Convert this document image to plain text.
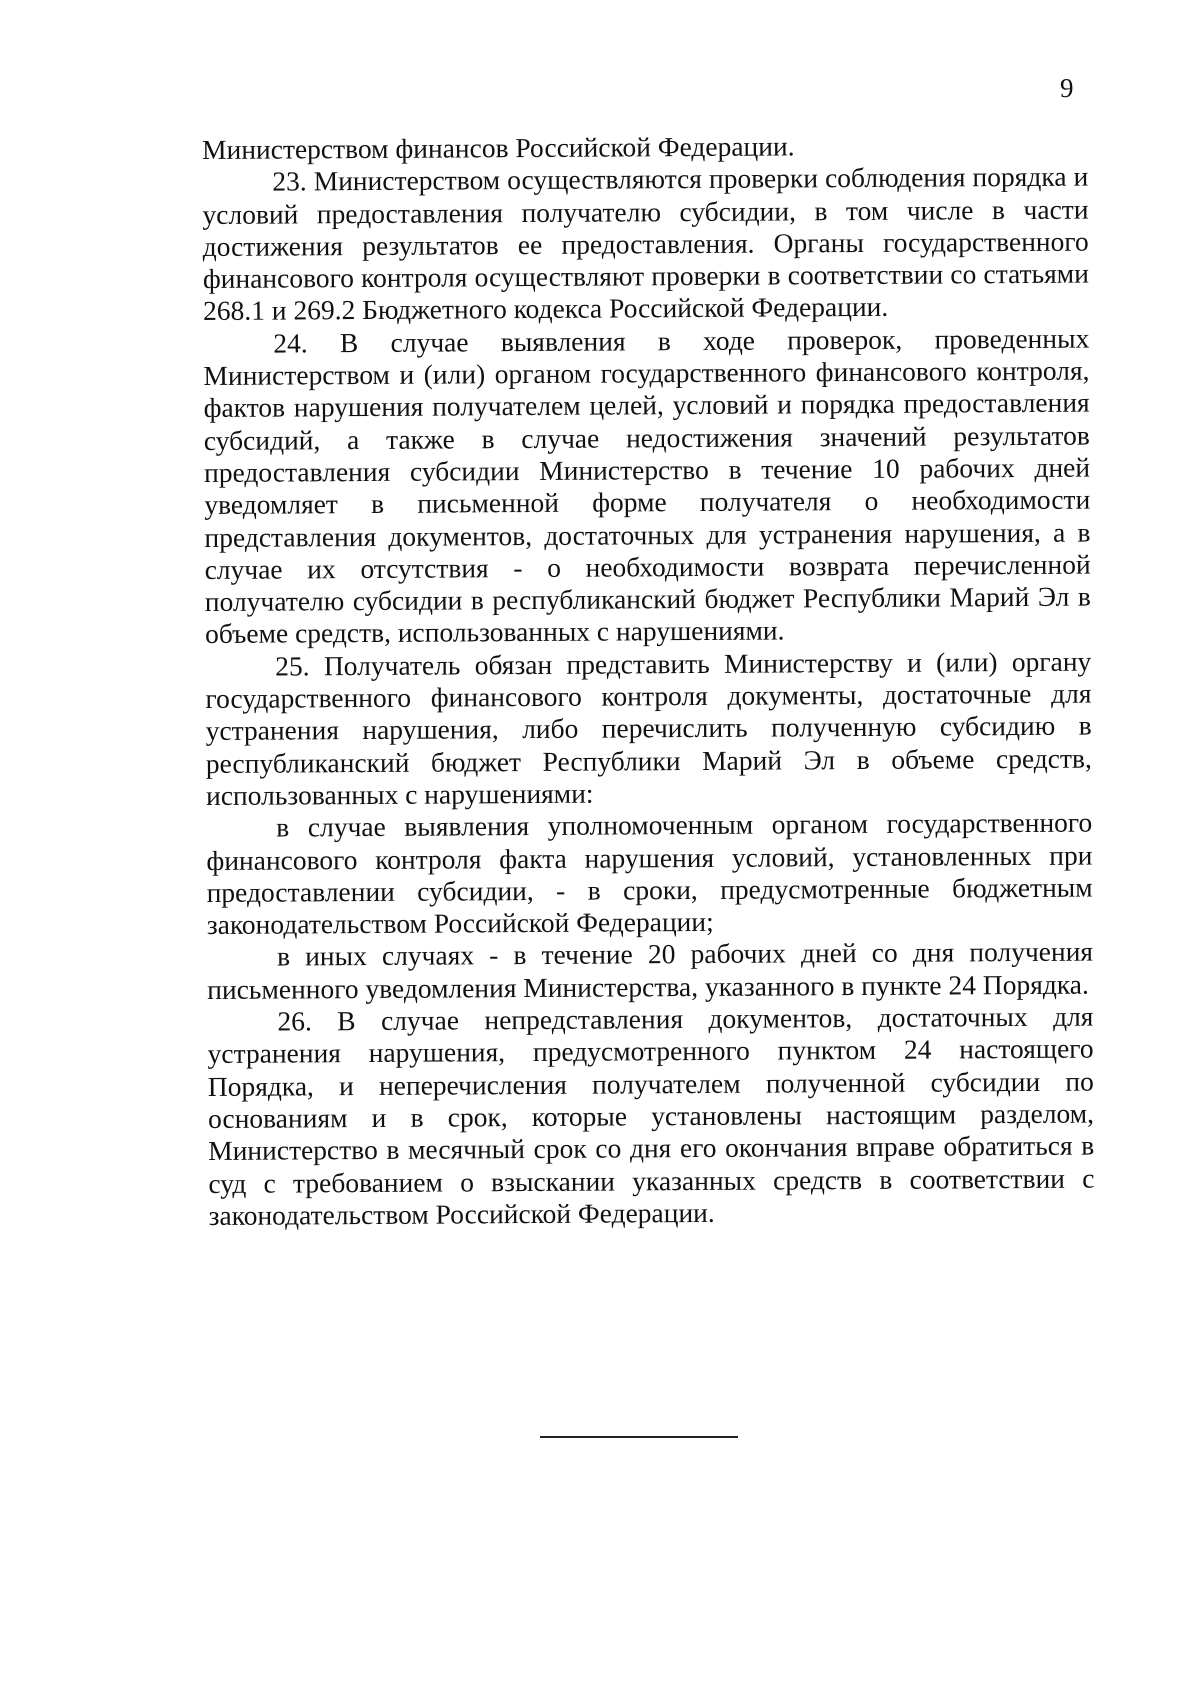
9

Министерством финансов Российской Федерации.

23. Министерством осуществляются проверки соблюдения порядка и условий предоставления получателю субсидии, в том числе в части достижения результатов ее предоставления. Органы государственного финансового контроля осуществляют проверки в соответствии со статьями 268.1 и 269.2 Бюджетного кодекса Российской Федерации.

24. В случае выявления в ходе проверок, проведенных Министерством и (или) органом государственного финансового контроля, фактов нарушения получателем целей, условий и порядка предоставления субсидий, а также в случае недостижения значений результатов предоставления субсидии Министерство в течение 10 рабочих дней уведомляет в письменной форме получателя о необходимости представления документов, достаточных для устранения нарушения, а в случае их отсутствия - о необходимости возврата перечисленной получателю субсидии в республиканский бюджет Республики Марий Эл в объеме средств, использованных с нарушениями.

25. Получатель обязан представить Министерству и (или) органу государственного финансового контроля документы, достаточные для устранения нарушения, либо перечислить полученную субсидию в республиканский бюджет Республики Марий Эл в объеме средств, использованных с нарушениями:

в случае выявления уполномоченным органом государственного финансового контроля факта нарушения условий, установленных при предоставлении субсидии, - в сроки, предусмотренные бюджетным законодательством Российской Федерации;

в иных случаях - в течение 20 рабочих дней со дня получения письменного уведомления Министерства, указанного в пункте 24 Порядка.

26. В случае непредставления документов, достаточных для устранения нарушения, предусмотренного пунктом 24 настоящего Порядка, и неперечисления получателем полученной субсидии по основаниям и в срок, которые установлены настоящим разделом, Министерство в месячный срок со дня его окончания вправе обратиться в суд с требованием о взыскании указанных средств в соответствии с законодательством Российской Федерации.
